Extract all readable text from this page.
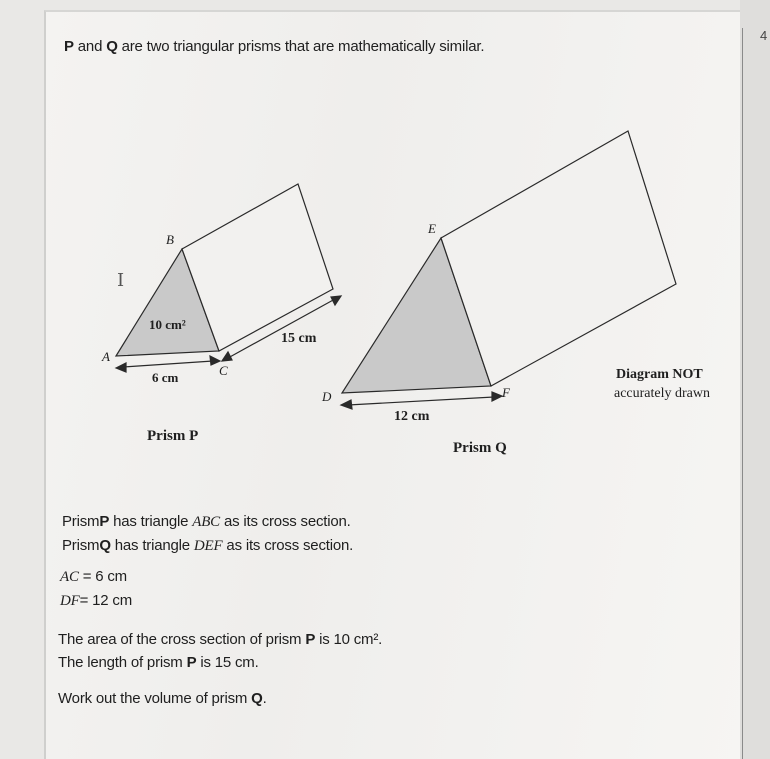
4
P and Q are two triangular prisms that are mathematically similar.
I
A
B
C
10 cm²
6 cm
15 cm
Prism P
D
E
F
12 cm
Prism Q
Diagram NOT
accurately drawn
PrismP has triangle ABC as its cross section.
PrismQ has triangle DEF as its cross section.
AC = 6 cm
DF= 12 cm
The area of the cross section of prism P is 10 cm².
The length of prism P is 15 cm.
Work out the volume of prism Q.
